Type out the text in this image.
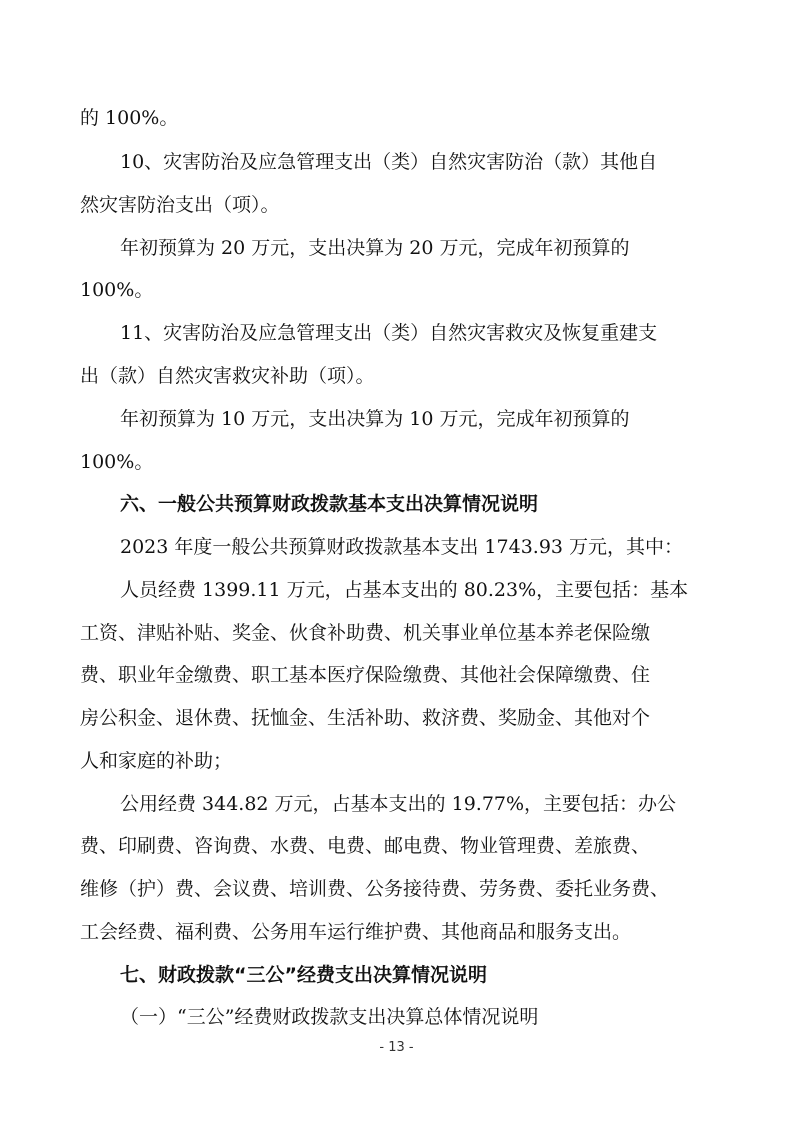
的 100%。
10、灾害防治及应急管理支出（类）自然灾害防治（款）其他自
然灾害防治支出（项）。
年初预算为 20 万元，支出决算为 20 万元，完成年初预算的
100%。
11、灾害防治及应急管理支出（类）自然灾害救灾及恢复重建支
出（款）自然灾害救灾补助（项）。
年初预算为 10 万元，支出决算为 10 万元，完成年初预算的
100%。
六、一般公共预算财政拨款基本支出决算情况说明
2023 年度一般公共预算财政拨款基本支出 1743.93 万元，其中：
人员经费 1399.11 万元，占基本支出的 80.23%，主要包括：基本
工资、津贴补贴、奖金、伙食补助费、机关事业单位基本养老保险缴
费、职业年金缴费、职工基本医疗保险缴费、其他社会保障缴费、住
房公积金、退休费、抚恤金、生活补助、救济费、奖励金、其他对个
人和家庭的补助；
公用经费 344.82 万元，占基本支出的 19.77%，主要包括：办公
费、印刷费、咨询费、水费、电费、邮电费、物业管理费、差旅费、
维修（护）费、会议费、培训费、公务接待费、劳务费、委托业务费、
工会经费、福利费、公务用车运行维护费、其他商品和服务支出。
七、财政拨款“三公”经费支出决算情况说明
（一）“三公”经费财政拨款支出决算总体情况说明
- 13 -
